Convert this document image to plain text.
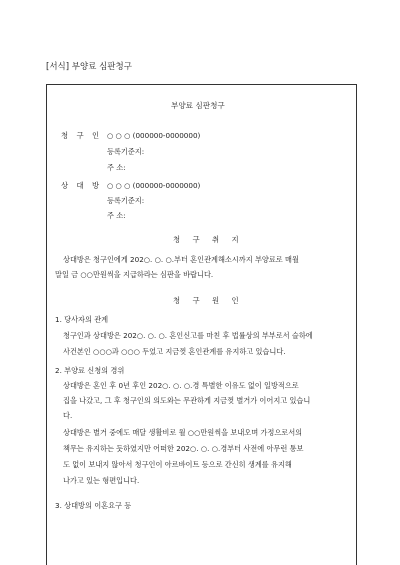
[서식] 부양료 심판청구
부양료 심판청구
청 구 인 ○ ○ ○ (000000-0000000)
등록기준지:
주 소:
상 대 방 ○ ○ ○ (000000-0000000)
등록기준지:
주 소:
청 구 취 지
상대방은 청구인에게 202○. ○. ○.부터 혼인관계해소시까지 부양료로 매월
말일 금 ○○만원씩을 지급하라는 심판을 바랍니다.
청 구 원 인
1. 당사자의 관계
청구인과 상대방은 202○. ○. ○. 혼인신고를 마친 후 법률상의 부부로서 슬하에
사건본인 ○○○과 ○○○ 두었고 지금껏 혼인관계를 유지하고 있습니다.
2. 부양료 신청의 경위
상대방은 혼인 후 0년 후인 202○. ○. ○.경 특별한 이유도 없이 일방적으로
집을 나갔고, 그 후 청구인의 의도와는 무관하게 지금껏 별거가 이어지고 있습니
다.
상대방은 별거 중에도 매달 생활비로 월 ○○만원씩을 보내오며 가정으로서의
책무는 유지하는 듯하였지만 어떠한 202○. ○. ○.경부터 사전에 아무런 통보
도 없이 보내지 않아서 청구인이 아르바이트 등으로 간신히 생계를 유지해
나가고 있는 형편입니다.
3. 상대방의 이혼요구 등
